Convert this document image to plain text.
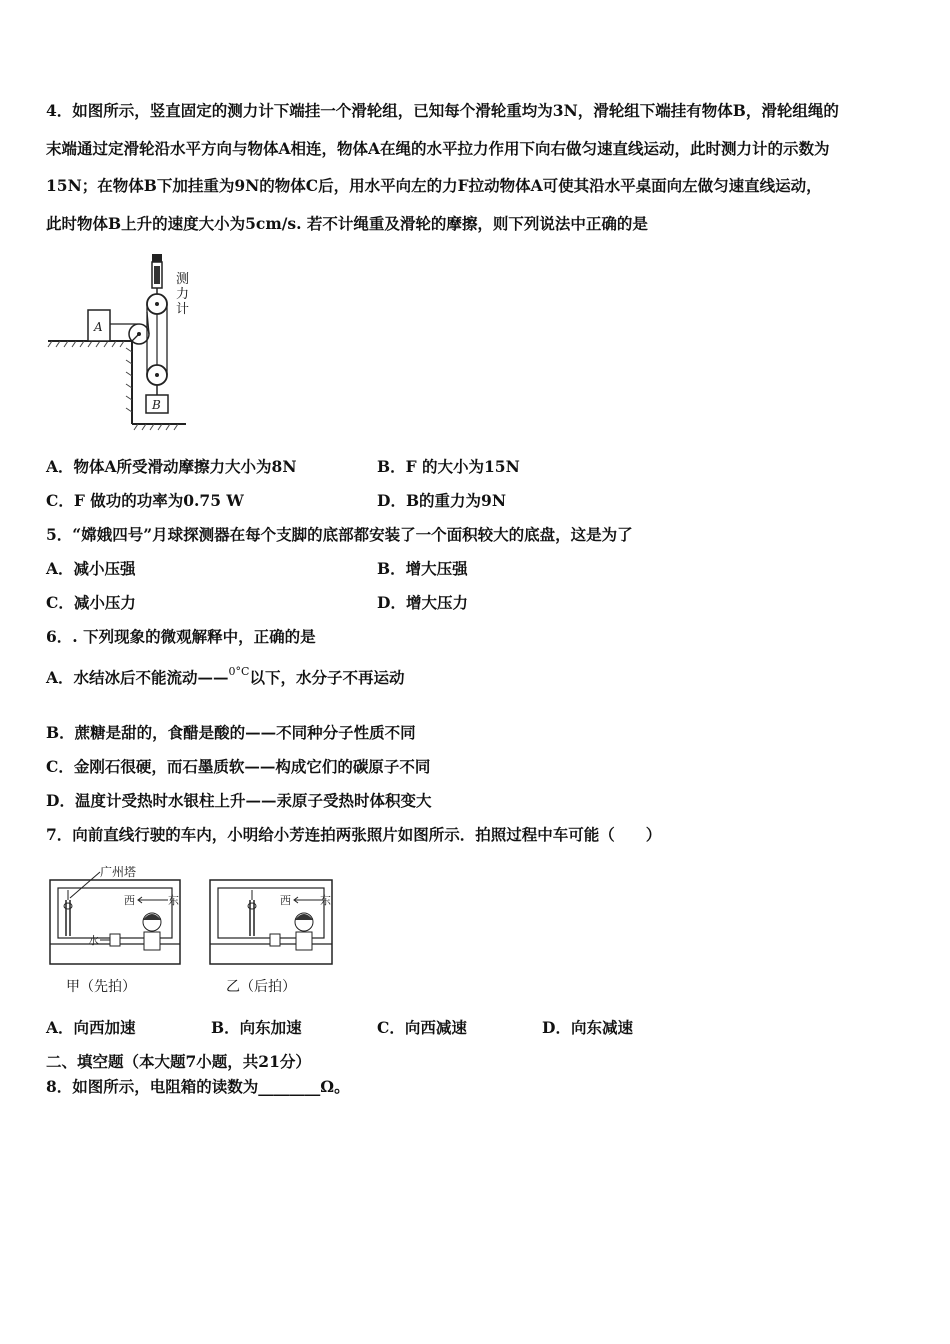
4．如图所示，竖直固定的测力计下端挂一个滑轮组，已知每个滑轮重均为3N，滑轮组下端挂有物体B，滑轮组绳的
末端通过定滑轮沿水平方向与物体A相连，物体A在绳的水平拉力作用下向右做匀速直线运动，此时测力计的示数为
15N；在物体B下加挂重为9N的物体C后，用水平向左的力F拉动物体A可使其沿水平桌面向左做匀速直线运动，
此时物体B上升的速度大小为5cm/s. 若不计绳重及滑轮的摩擦，则下列说法中正确的是
A
B
测力计
A．物体A所受滑动摩擦力大小为8N	B．F 的大小为15N
C．F 做功的功率为0.75 W	D．B的重力为9N
5．“嫦娥四号”月球探测器在每个支脚的底部都安装了一个面积较大的底盘，这是为了
A．减小压强	B．增大压强
C．减小压力	D．增大压力
6．. 下列现象的微观解释中，正确的是
A．水结冰后不能流动——$^{0^\circ C}$以下，水分子不再运动
B．蔗糖是甜的，食醋是酸的——不同种分子性质不同
C．金刚石很硬，而石墨质软——构成它们的碳原子不同
D．温度计受热时水银柱上升——汞原子受热时体积变大
7．向前直线行驶的车内，小明给小芳连拍两张照片如图所示．拍照过程中车可能（　　）
广州塔
西	东
水
甲（先拍）
西	东
乙（后拍）
A．向西加速	B．向东加速	C．向西减速	D．向东减速
二、填空题（本大题7小题，共21分）
8．如图所示，电阻箱的读数为________Ω。
